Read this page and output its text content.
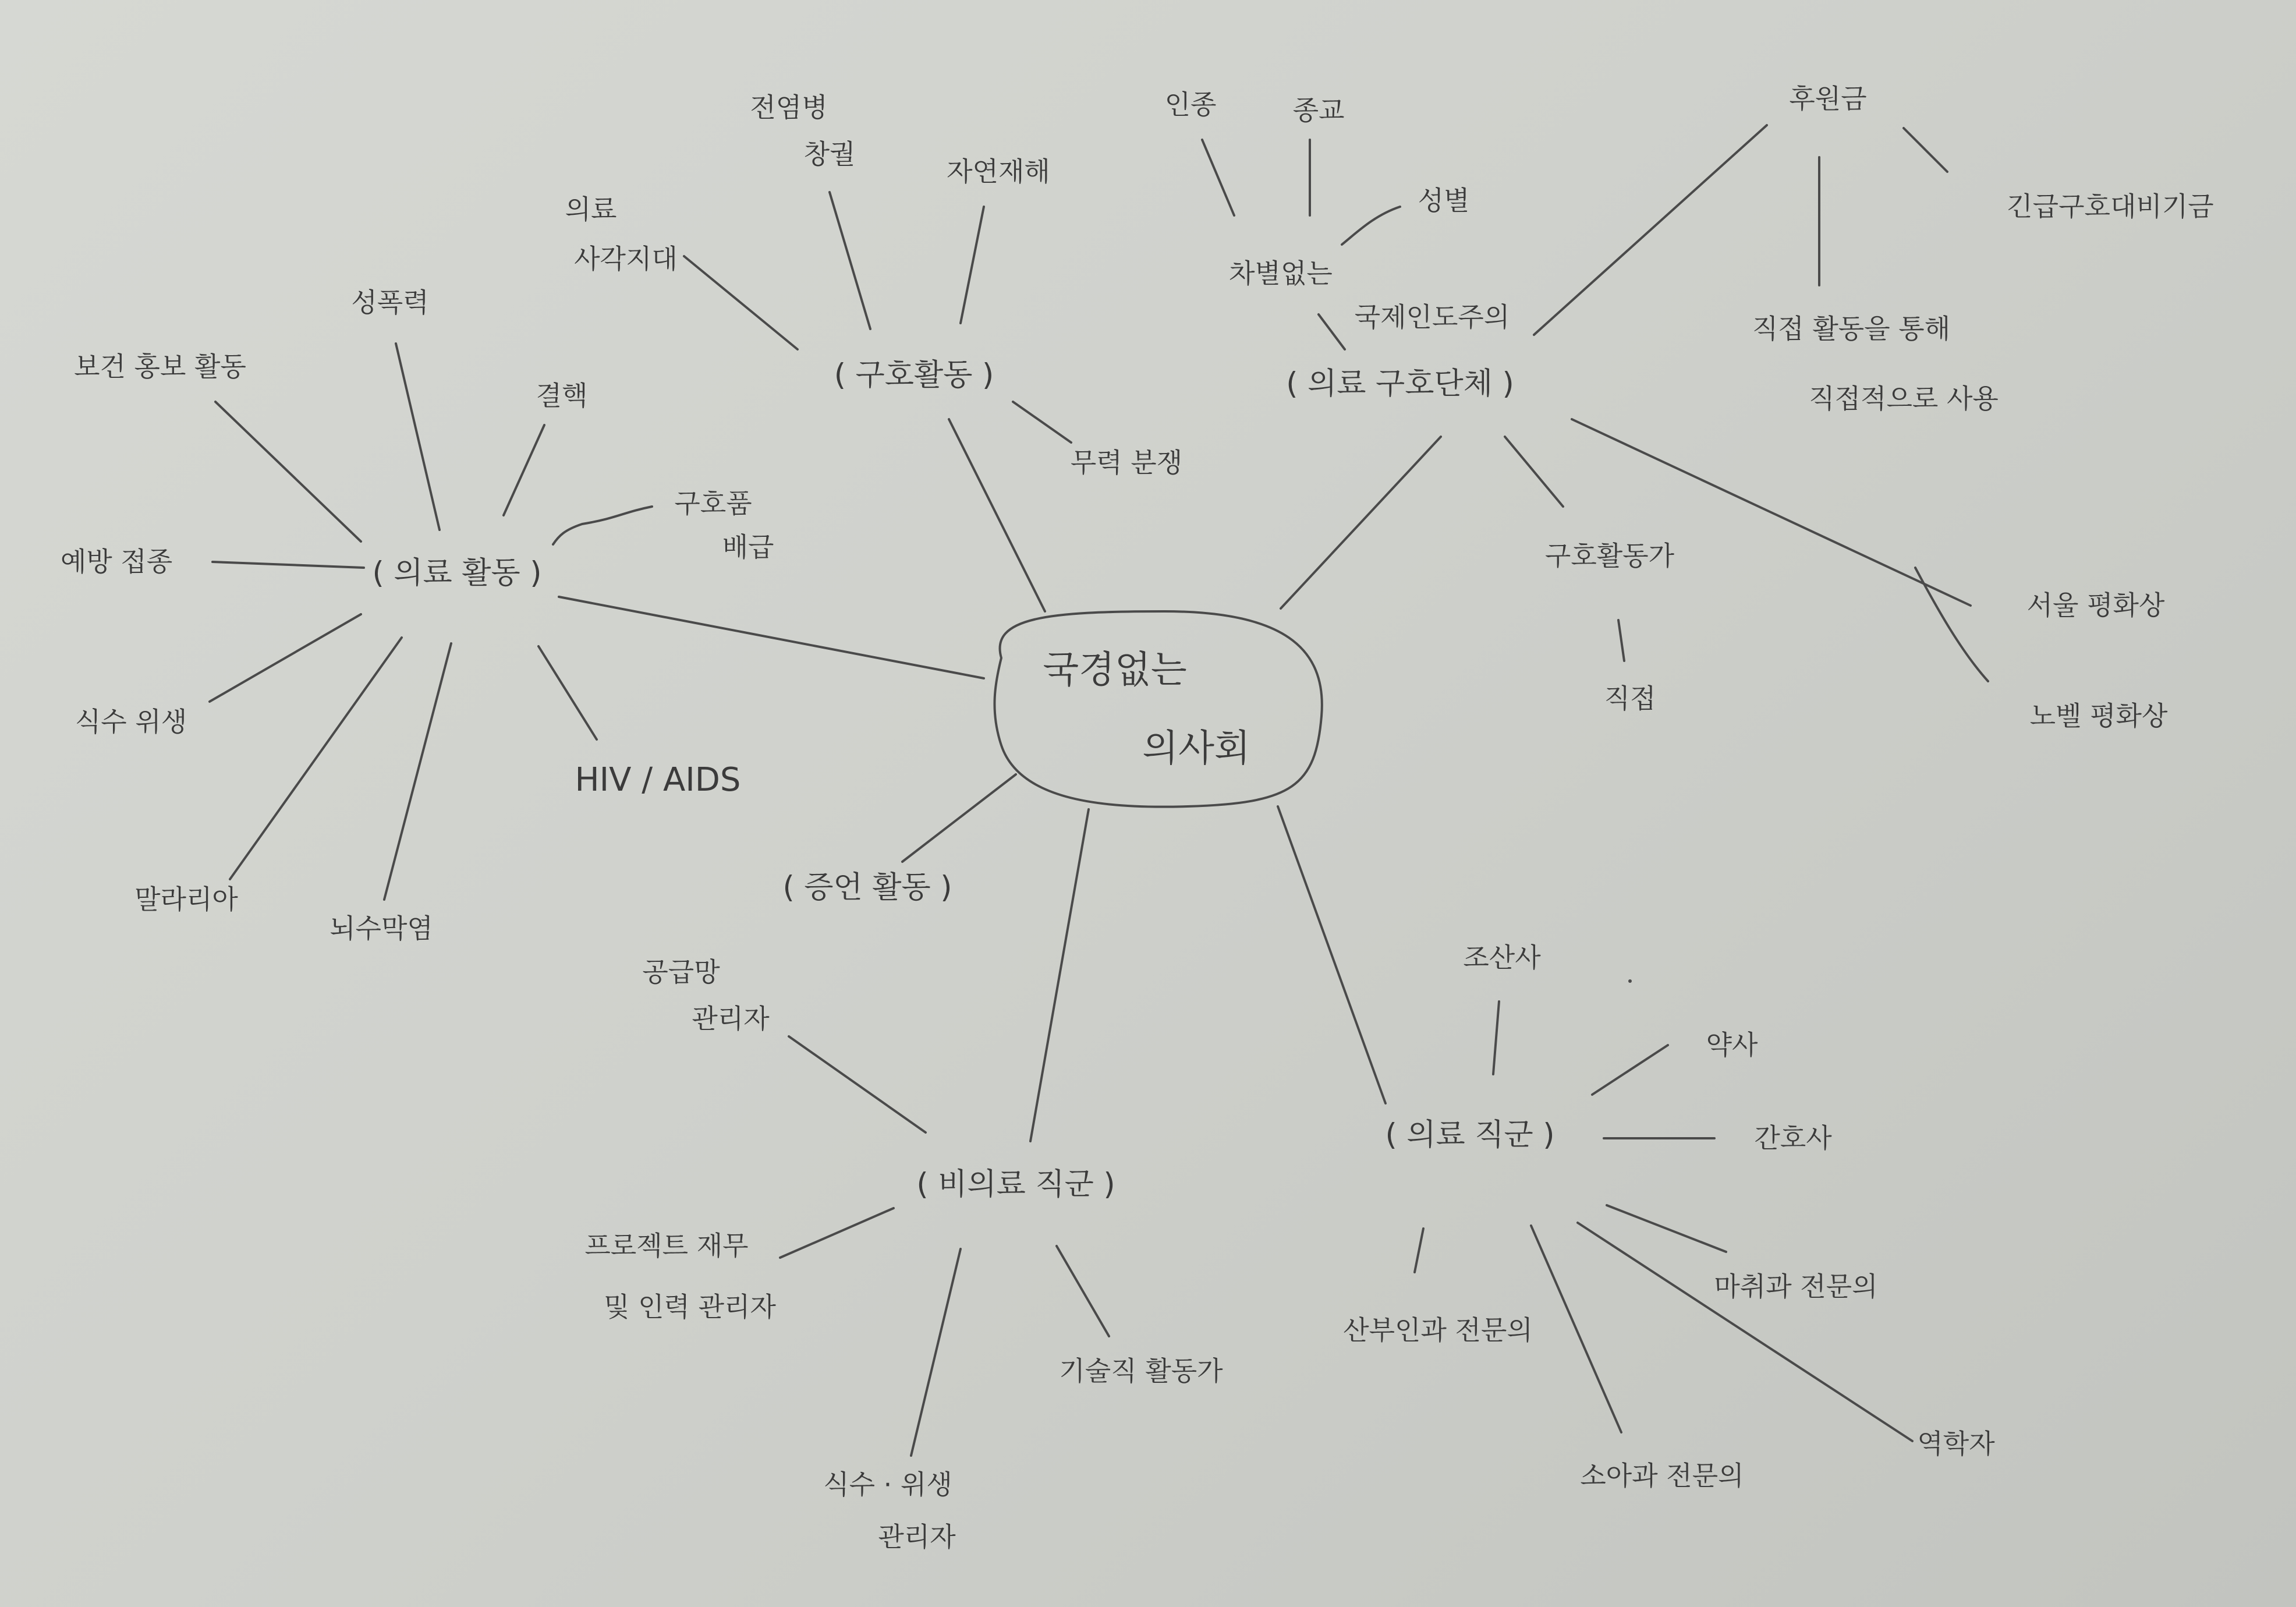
국경없는
의사회
( 의료 활동 )
( 구호활동 )	( 의료 구호단체 )
( 증언 활동 )
( 비의료 직군 )
( 의료 직군 )
성폭력
보건 홍보 활동
결핵
구호품
배급
예방 접종
식수 위생
HIV / AIDS
말라리아
뇌수막염
의료
사각지대
전염병
창궐
자연재해
무력 분쟁
인종	종교
성별
차별없는
국제인도주의
후원금
긴급구호대비기금
직접 활동을 통해
직접적으로 사용
구호활동가
직접
서울 평화상
노벨 평화상
공급망
관리자
프로젝트 재무
및 인력 관리자
기술직 활동가
식수 · 위생
관리자
조산사
약사
간호사
마취과 전문의
산부인과 전문의
소아과 전문의
역학자
